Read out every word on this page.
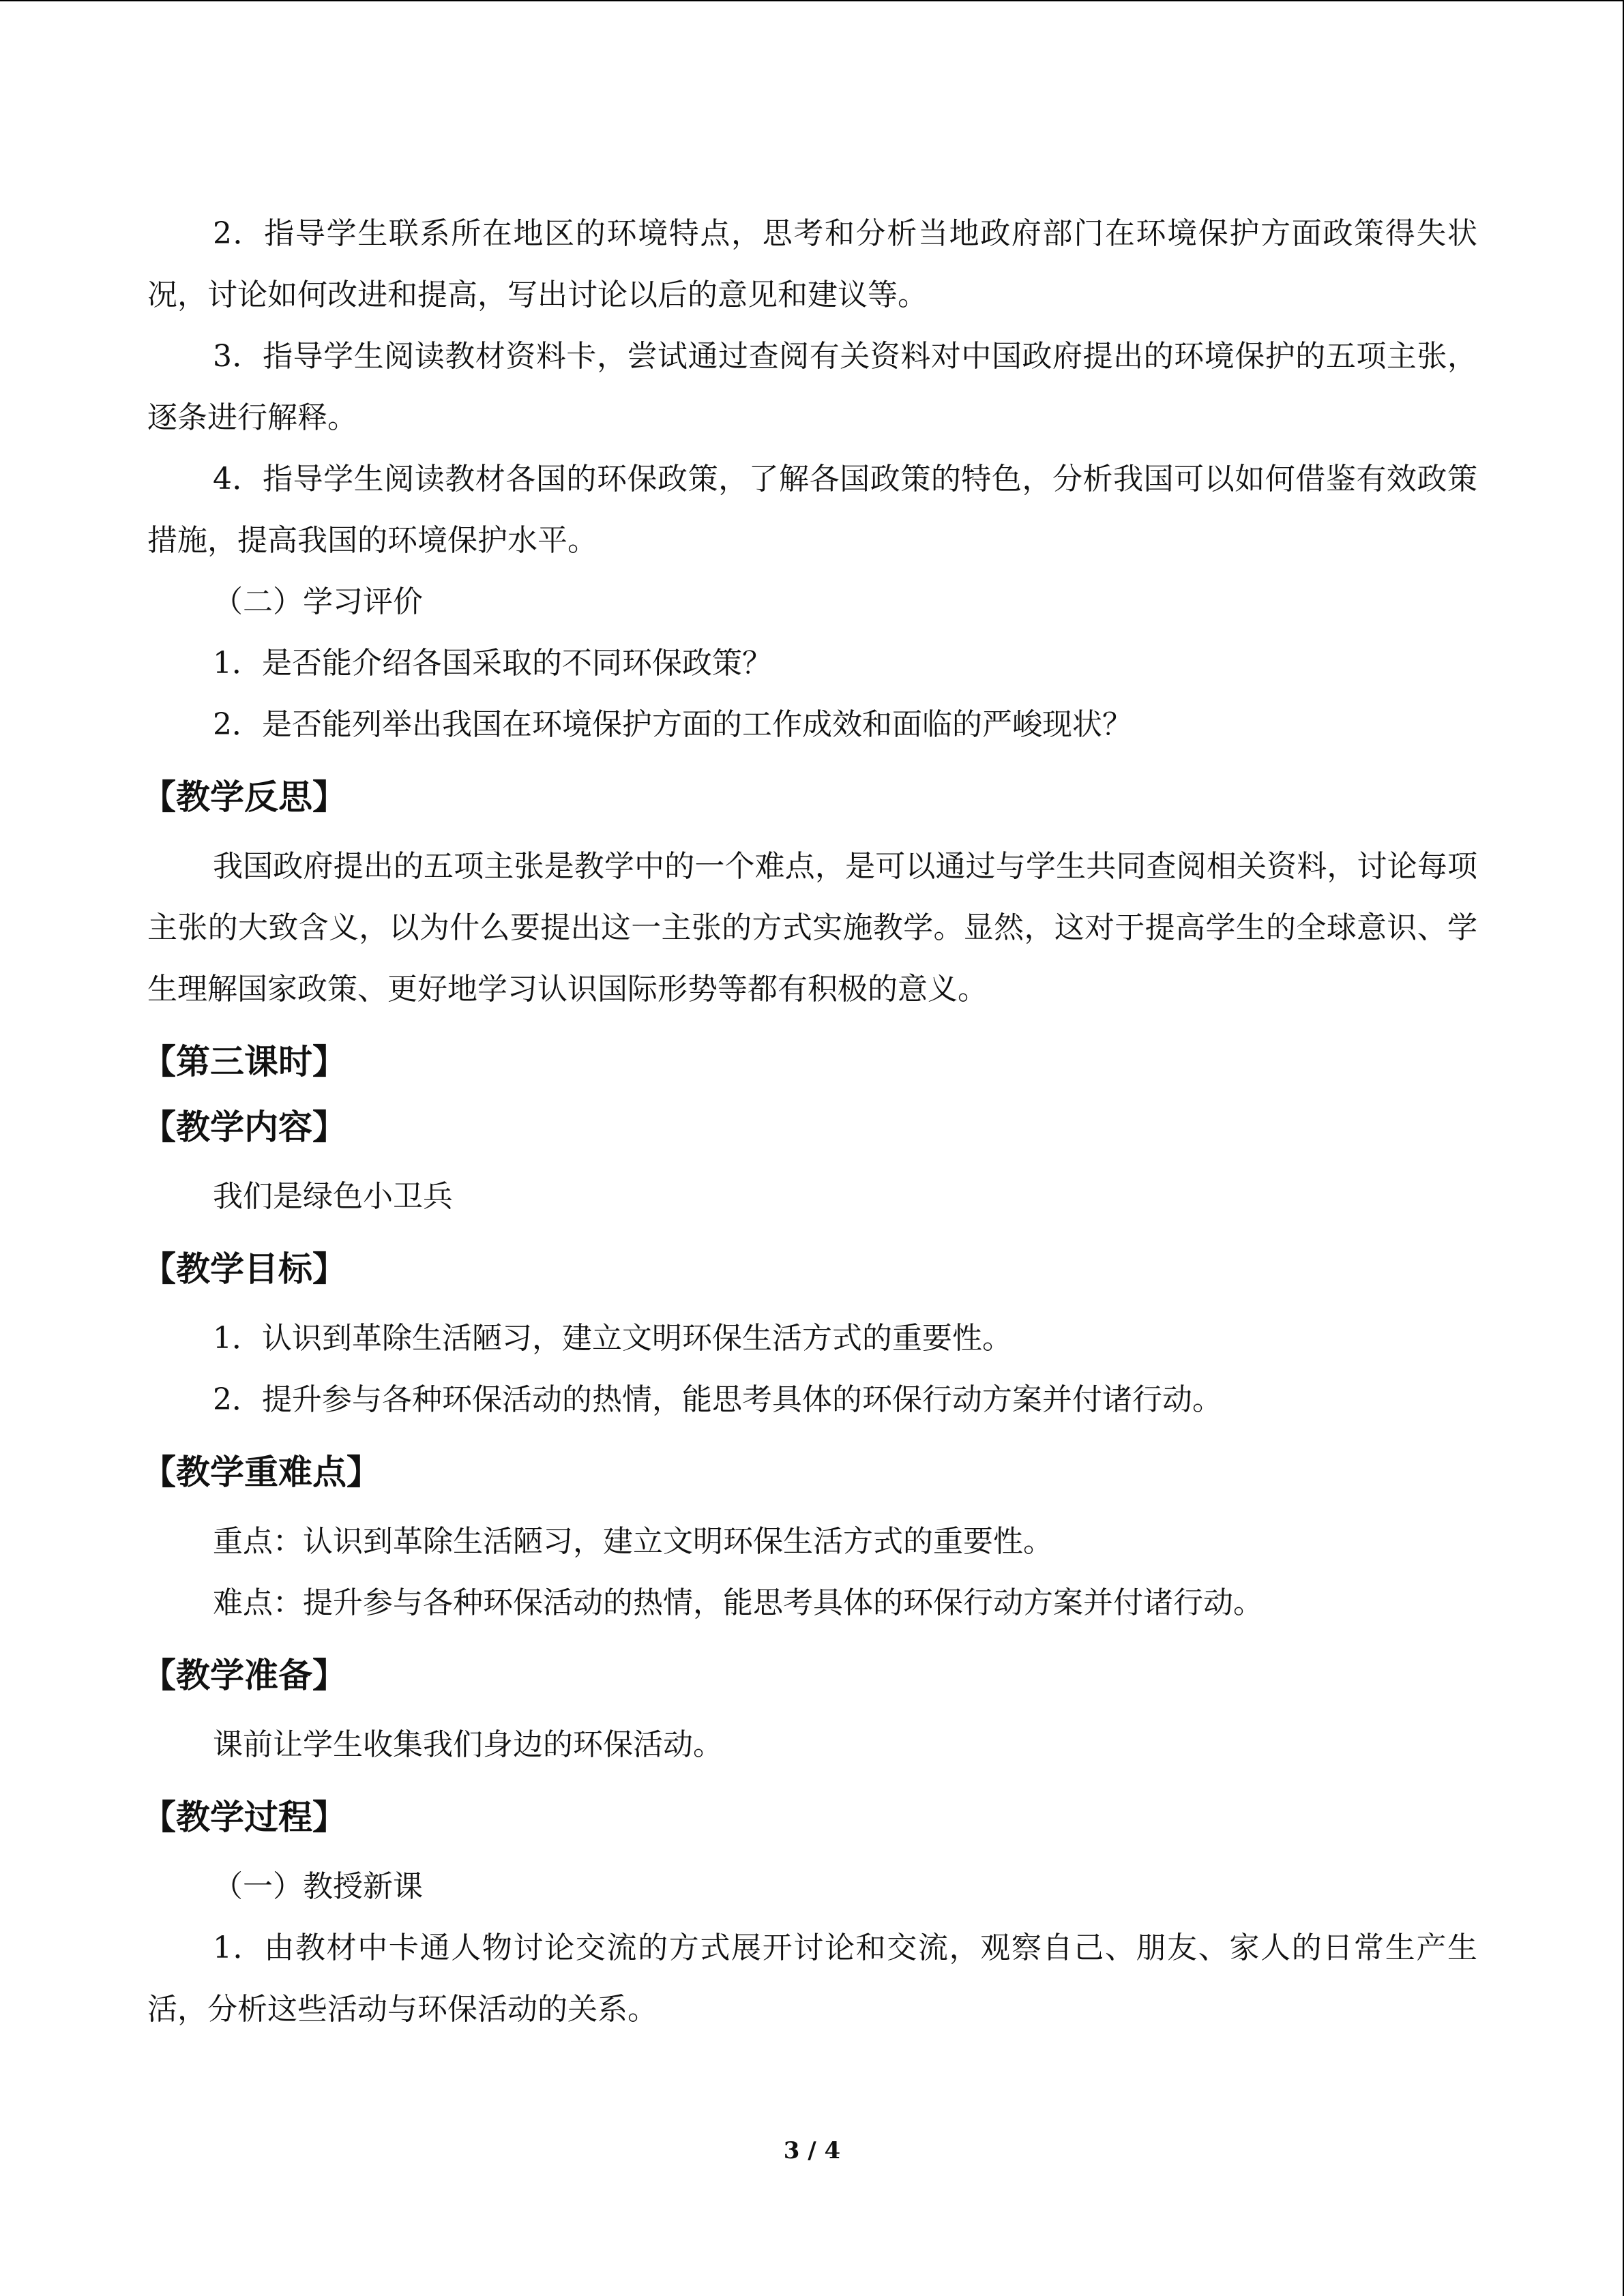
2．指导学生联系所在地区的环境特点，思考和分析当地政府部门在环境保护方面政策得失状况，讨论如何改进和提高，写出讨论以后的意见和建议等。

3．指导学生阅读教材资料卡，尝试通过查阅有关资料对中国政府提出的环境保护的五项主张，逐条进行解释。

4．指导学生阅读教材各国的环保政策，了解各国政策的特色，分析我国可以如何借鉴有效政策措施，提高我国的环境保护水平。

（二）学习评价

1．是否能介绍各国采取的不同环保政策？

2．是否能列举出我国在环境保护方面的工作成效和面临的严峻现状？

【教学反思】

我国政府提出的五项主张是教学中的一个难点，是可以通过与学生共同查阅相关资料，讨论每项主张的大致含义，以为什么要提出这一主张的方式实施教学。显然，这对于提高学生的全球意识、学生理解国家政策、更好地学习认识国际形势等都有积极的意义。

【第三课时】
【教学内容】

我们是绿色小卫兵

【教学目标】

1．认识到革除生活陋习，建立文明环保生活方式的重要性。

2．提升参与各种环保活动的热情，能思考具体的环保行动方案并付诸行动。

【教学重难点】

重点：认识到革除生活陋习，建立文明环保生活方式的重要性。

难点：提升参与各种环保活动的热情，能思考具体的环保行动方案并付诸行动。

【教学准备】

课前让学生收集我们身边的环保活动。

【教学过程】

（一）教授新课

1．由教材中卡通人物讨论交流的方式展开讨论和交流，观察自己、朋友、家人的日常生产生活，分析这些活动与环保活动的关系。

3 / 4
